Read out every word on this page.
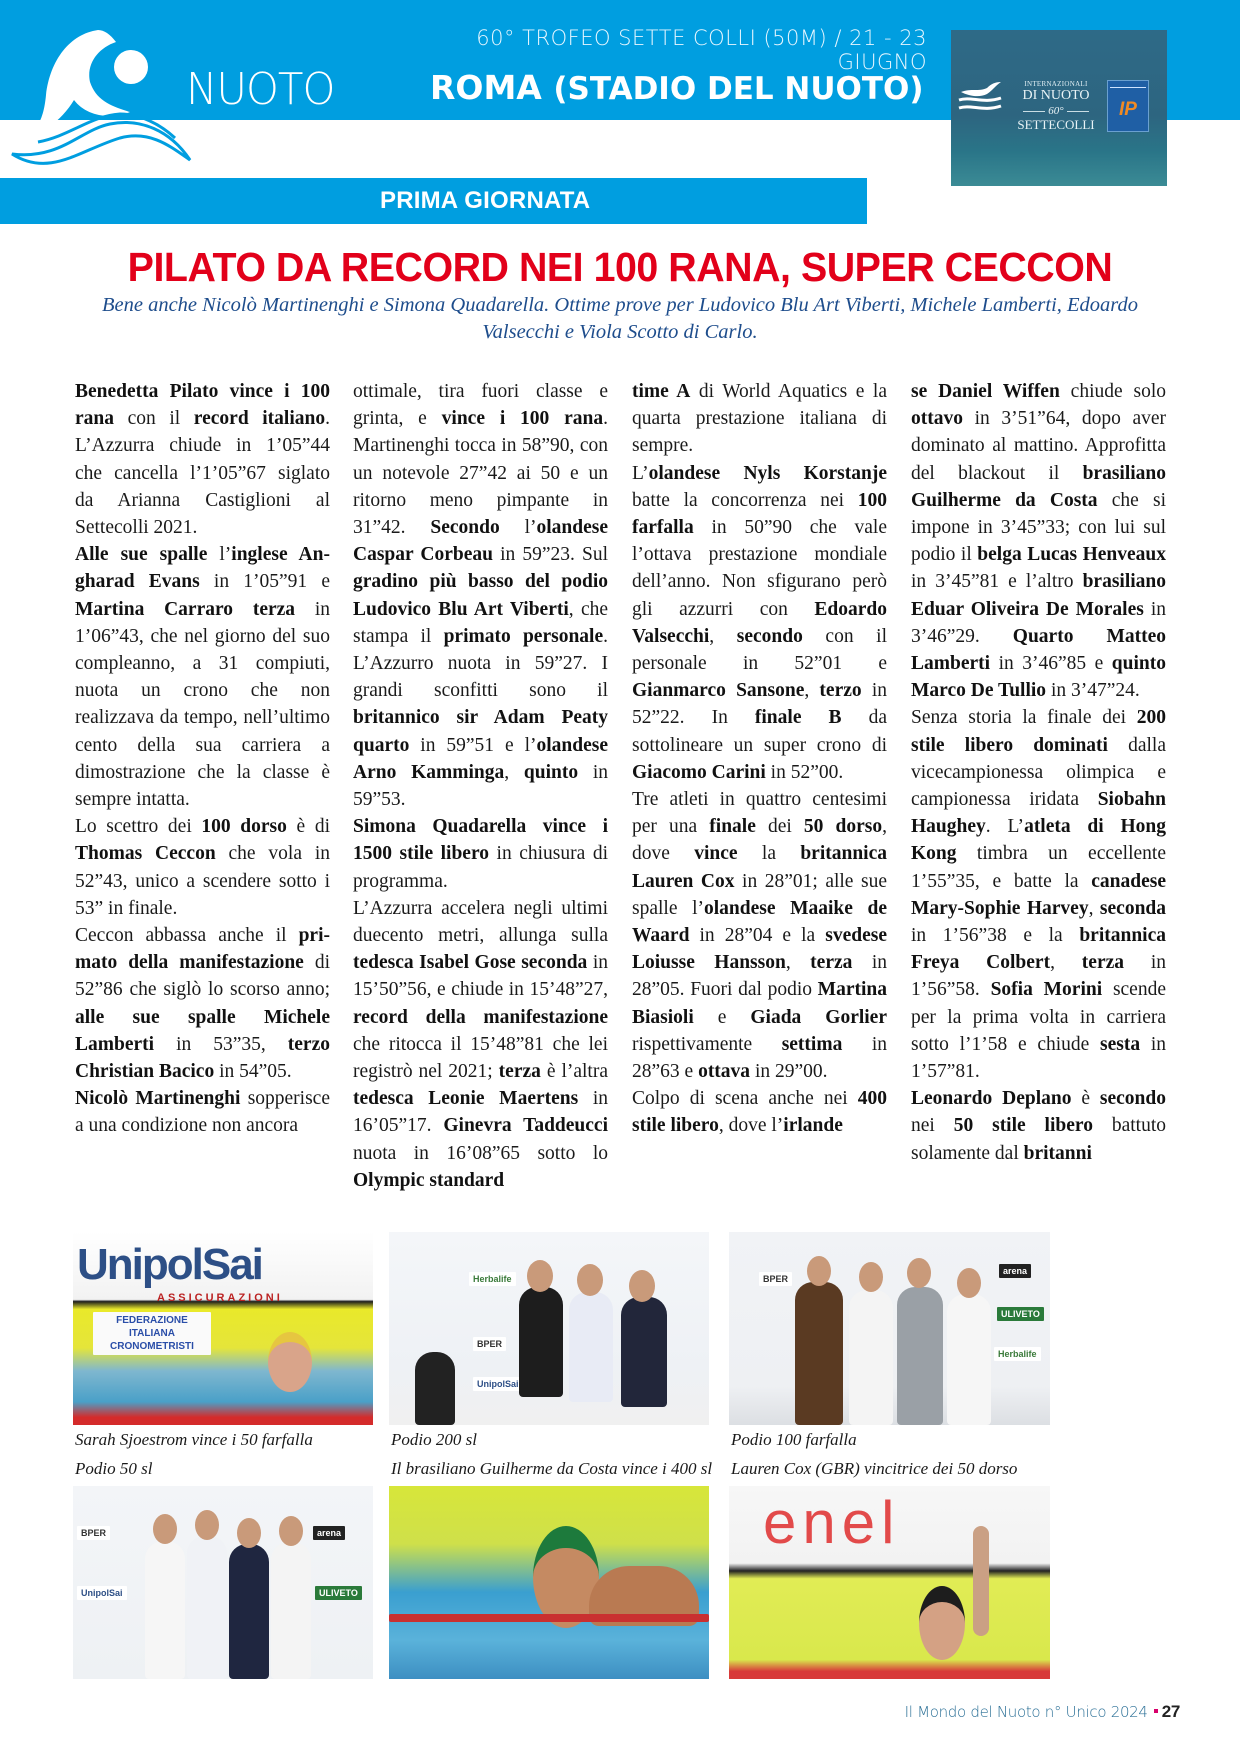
60° TROFEO SETTE COLLI (50M) / 21 - 23 GIUGNO
NUOTO	ROMA (STADIO DEL NUOTO)
PRIMA GIORNATA
INTERNAZIONALI
DI NUOTO
60°
SETTECOLLI
IP
PILATO DA RECORD NEI 100 RANA, SUPER CECCON
Bene anche Nicolò Martinenghi e Simona Quadarella. Ottime prove per Ludovico Blu Art Viberti, Michele Lamberti, Edoardo Valsecchi e Viola Scotto di Carlo.

Benedetta Pilato vince i 100 rana con il record italiano. L’Azzurra chiude in 1’05”44 che cancella l’1’05”67 siglato da Arianna Castiglioni al Settecolli 2021.

Alle sue spalle l’inglese Angharad Evans in 1’05”91 e Martina Carraro terza in 1’06”43, che nel giorno del suo compleanno, a 31 compiuti, nuota un crono che non realizzava da tempo, nell’ultimo cento della sua carriera a dimostrazione che la classe è sempre intatta.

Lo scettro dei 100 dorso è di Thomas Ceccon che vola in 52”43, unico a scendere sotto i 53” in finale.

Ceccon abbassa anche il primato della manifestazione di 52”86 che siglò lo scorso anno; alle sue spalle Michele Lamberti in 53”35, terzo Christian Bacico in 54”05.

Nicolò Martinenghi sopperisce a una condizione non ancora

ottimale, tira fuori classe e grinta, e vince i 100 rana. Martinenghi tocca in 58”90, con un notevole 27”42 ai 50 e un ritorno meno pimpante in 31”42. Secondo l’olandese Caspar Corbeau in 59”23. Sul gradino più basso del podio Ludovico Blu Art Viberti, che stampa il primato personale. L’Azzurro nuota in 59”27. I grandi sconfitti sono il britannico sir Adam Peaty quarto in 59”51 e l’olandese Arno Kamminga, quinto in 59”53.

Simona Quadarella vince i 1500 stile libero in chiusura di programma.

L’Azzurra accelera negli ultimi duecento metri, allunga sulla tedesca Isabel Gose seconda in 15’50”56, e chiude in 15’48”27, record della manifestazione che ritocca il 15’48”81 che lei registrò nel 2021; terza è l’altra tedesca Leonie Maertens in 16’05”17. Ginevra Taddeucci nuota in 16’08”65 sotto lo Olympic standard

time A di World Aquatics e la quarta prestazione italiana di sempre.

L’olandese Nyls Korstanje batte la concorrenza nei 100 farfalla in 50”90 che vale l’ottava prestazione mondiale dell’anno. Non sfigurano però gli azzurri con Edoardo Valsecchi, secondo con il personale in 52”01 e Gianmarco Sansone, terzo in 52”22. In finale B da sottolineare un super crono di Giacomo Carini in 52”00.

Tre atleti in quattro centesimi per una finale dei 50 dorso, dove vince la britannica Lauren Cox in 28”01; alle sue spalle l’olandese Maaike de Waard in 28”04 e la svedese Loiusse Hansson, terza in 28”05. Fuori dal podio Martina Biasioli e Giada Gorlier rispettivamente settima in 28”63 e ottava in 29”00.

Colpo di scena anche nei 400 stile libero, dove l’irlande

se Daniel Wiffen chiude solo ottavo in 3’51”64, dopo aver dominato al mattino. Approfitta del blackout il brasiliano Guilherme da Costa che si impone in 3’45”33; con lui sul podio il belga Lucas Henveaux in 3’45”81 e l’altro brasiliano Eduar Oliveira De Morales in 3’46”29. Quarto Matteo Lamberti in 3’46”85 e quinto Marco De Tullio in 3’47”24.

Senza storia la finale dei 200 stile libero dominati dalla vicecampionessa olimpica e campionessa iridata Siobahn Haughey. L’atleta di Hong Kong timbra un eccellente 1’55”35, e batte la canadese Mary-Sophie Harvey, seconda in 1’56”38 e la britannica Freya Colbert, terza in 1’56”58. Sofia Morini scende per la prima volta in carriera sotto l’1’58 e chiude sesta in 1’57”81.

Leonardo Deplano è secondo nei 50 stile libero battuto solamente dal britanni

UnipolSai
ASSICURAZIONI
FEDERAZIONE ITALIANA CRONOMETRISTI
Sarah Sjoestrom vince i 50 farfalla
Herbalife
BPER
UnipolSai
Podio 200 sl
BPER
arena
ULIVETO
Herbalife
Podio 100 farfalla
Podio 50 sl	Il brasiliano Guilherme da Costa vince i 400 sl Lauren Cox (GBR) vincitrice dei 50 dorso
BPER
UnipolSai
arena
ULIVETO
enel
Il Mondo del Nuoto n° Unico 2024 27
